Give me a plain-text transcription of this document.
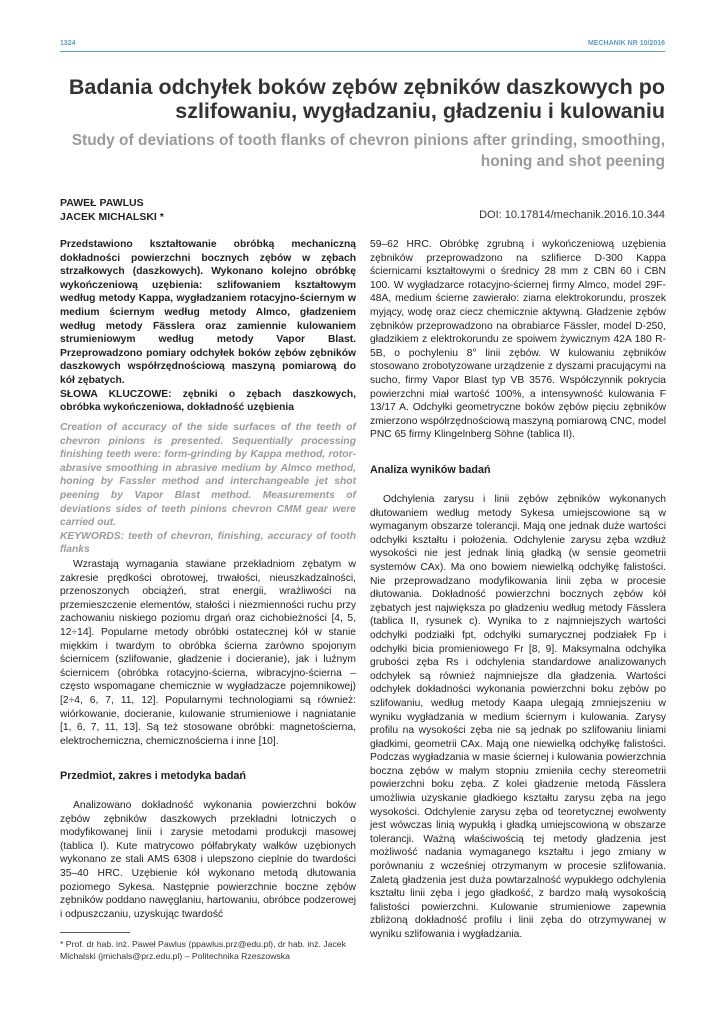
1324	MECHANIK NR 10/2016
Badania odchyłek boków zębów zębników daszkowych po szlifowaniu, wygładzaniu, gładzeniu i kulowaniu
Study of deviations of tooth flanks of chevron pinions after grinding, smoothing, honing and shot peening
PAWEŁ PAWLUS
JACEK MICHALSKI *	DOI: 10.17814/mechanik.2016.10.344

Przedstawiono kształtowanie obróbką mechaniczną dokładności powierzchni bocznych zębów w zębach strzałkowych (daszkowych). Wykonano kolejno obróbkę wykończeniową uzębienia: szlifowaniem kształtowym według metody Kappa, wygładzaniem rotacyjno-ściernym w medium ściernym według metody Almco, gładzeniem według metody Fässlera oraz zamiennie kulowaniem strumieniowym według metody Vapor Blast. Przeprowadzono pomiary odchyłek boków zębów zębników daszkowych współrzędnościową maszyną pomiarową do kół zębatych.

SŁOWA KLUCZOWE: zębniki o zębach daszkowych, obróbka wykończeniowa, dokładność uzębienia

Creation of accuracy of the side surfaces of the teeth of chevron pinions is presented. Sequentially processing finishing teeth were: form-grinding by Kappa method, rotor-abrasive smoothing in abrasive medium by Almco method, honing by Fassler method and interchangeable jet shot peening by Vapor Blast method. Measurements of deviations sides of teeth pinions chevron CMM gear were carried out.

KEYWORDS: teeth of chevron, finishing, accuracy of tooth flanks

Wzrastają wymagania stawiane przekładniom zębatym w zakresie prędkości obrotowej, trwałości, nieuszkadzalności, przenoszonych obciążeń, strat energii, wrażliwości na przemieszczenie elementów, stałości i niezmienności ruchu przy zachowaniu niskiego poziomu drgań oraz cichobieżności [4, 5, 12÷14]. Popularne metody obróbki ostatecznej kół w stanie miękkim i twardym to obróbka ścierna zarówno spojonym ściernicem (szlifowanie, gładzenie i docieranie), jak i luźnym ściernicem (obróbka rotacyjno-ścierna, wibracyjno-ścierna – często wspomagane chemicznie w wygładzacze pojemnikowej) [2÷4, 6, 7, 11, 12]. Popularnymi technologiami są również: wiórkowanie, docieranie, kulowanie strumieniowe i nagniatanie [1, 6, 7, 11, 13]. Są też stosowane obróbki: magnetościerna, elektrochemiczna, chemicznościerna i inne [10].

Przedmiot, zakres i metodyka badań

Analizowano dokładność wykonania powierzchni boków zębów zębników daszkowych przekładni lotniczych o modyfikowanej linii i zarysie metodami produkcji masowej (tablica I). Kute matrycowo półfabrykaty wałków uzębionych wykonano ze stali AMS 6308 i ulepszono cieplnie do twardości 35–40 HRC. Uzębienie kół wykonano metodą dłutowania poziomego Sykesa. Następnie powierzchnie boczne zębów zębników poddano nawęglaniu, hartowaniu, obróbce podzerowej i odpuszczaniu, uzyskując twardość

* Prof. dr hab. inż. Paweł Pawlus (ppawlus.prz@edu.pl), dr hab. inż. Jacek Michalski (jmichals@prz.edu.pl) – Politechnika Rzeszowska

59–62 HRC. Obróbkę zgrubną i wykończeniową uzębienia zębników przeprowadzono na szlifierce D-300 Kappa ściernicami kształtowymi o średnicy 28 mm z CBN 60 i CBN 100. W wygładzarce rotacyjno-ściernej firmy Almco, model 29F-48A, medium ścierne zawierało: ziarna elektrokorundu, proszek myjący, wodę oraz ciecz chemicznie aktywną. Gładzenie zębów zębników przeprowadzono na obrabiarce Fässler, model D-250, gładzikiem z elektrokorundu ze spoiwem żywicznym 42A 180 R-5B, o pochyleniu 8° linii zębów. W kulowaniu zębników stosowano zrobotyzowane urządzenie z dyszami pracującymi na sucho, firmy Vapor Blast typ VB 3576. Współczynnik pokrycia powierzchni miał wartość 100%, a intensywność kulowania F 13/17 A. Odchyłki geometryczne boków zębów pięciu zębników zmierzono współrzędnościową maszyną pomiarową CNC, model PNC 65 firmy Klingelnberg Söhne (tablica II).

Analiza wyników badań

Odchylenia zarysu i linii zębów zębników wykonanych dłutowaniem według metody Sykesa umiejscowione są w wymaganym obszarze tolerancji. Mają one jednak duże wartości odchyłki kształtu i położenia. Odchylenie zarysu zęba wzdłuż wysokości nie jest jednak linią gładką (w sensie geometrii systemów CAx). Ma ono bowiem niewielką odchyłkę falistości. Nie przeprowadzano modyfikowania linii zęba w procesie dłutowania. Dokładność powierzchni bocznych zębów kół zębatych jest największa po gładzeniu według metody Fässlera (tablica II, rysunek c). Wynika to z najmniejszych wartości odchyłki podziałki fpt, odchyłki sumarycznej podziałek Fp i odchyłki bicia promieniowego Fr [8, 9]. Maksymalna odchyłka grubości zęba Rs i odchylenia standardowe analizowanych odchyłek są również najmniejsze dla gładzenia. Wartości odchyłek dokładności wykonania powierzchni boku zębów po szlifowaniu, według metody Kaapa ulegają zmniejszeniu w wyniku wygładzania w medium ściernym i kulowania. Zarysy profilu na wysokości zęba nie są jednak po szlifowaniu liniami gładkimi, geometrii CAx. Mają one niewielką odchyłkę falistości. Podczas wygładzania w masie ściernej i kulowania powierzchnia boczna zębów w małym stopniu zmieniła cechy stereometrii powierzchni boku zęba. Z kolei gładzenie metodą Fässlera umożliwia uzyskanie gładkiego kształtu zarysu zęba na jego wysokości. Odchylenie zarysu zęba od teoretycznej ewolwenty jest wówczas linią wypukłą i gładką umiejscowioną w obszarze tolerancji. Ważną właściwością tej metody gładzenia jest możliwość nadania wymaganego kształtu i jego zmiany w porównaniu z wcześniej otrzymanym w procesie szlifowania. Zaletą gładzenia jest duża powtarzalność wypukłego odchylenia kształtu linii zęba i jego gładkość, z bardzo małą wysokością falistości powierzchni. Kulowanie strumieniowe zapewnia zbliżoną dokładność profilu i linii zęba do otrzymywanej w wyniku szlifowania i wygładzania.
